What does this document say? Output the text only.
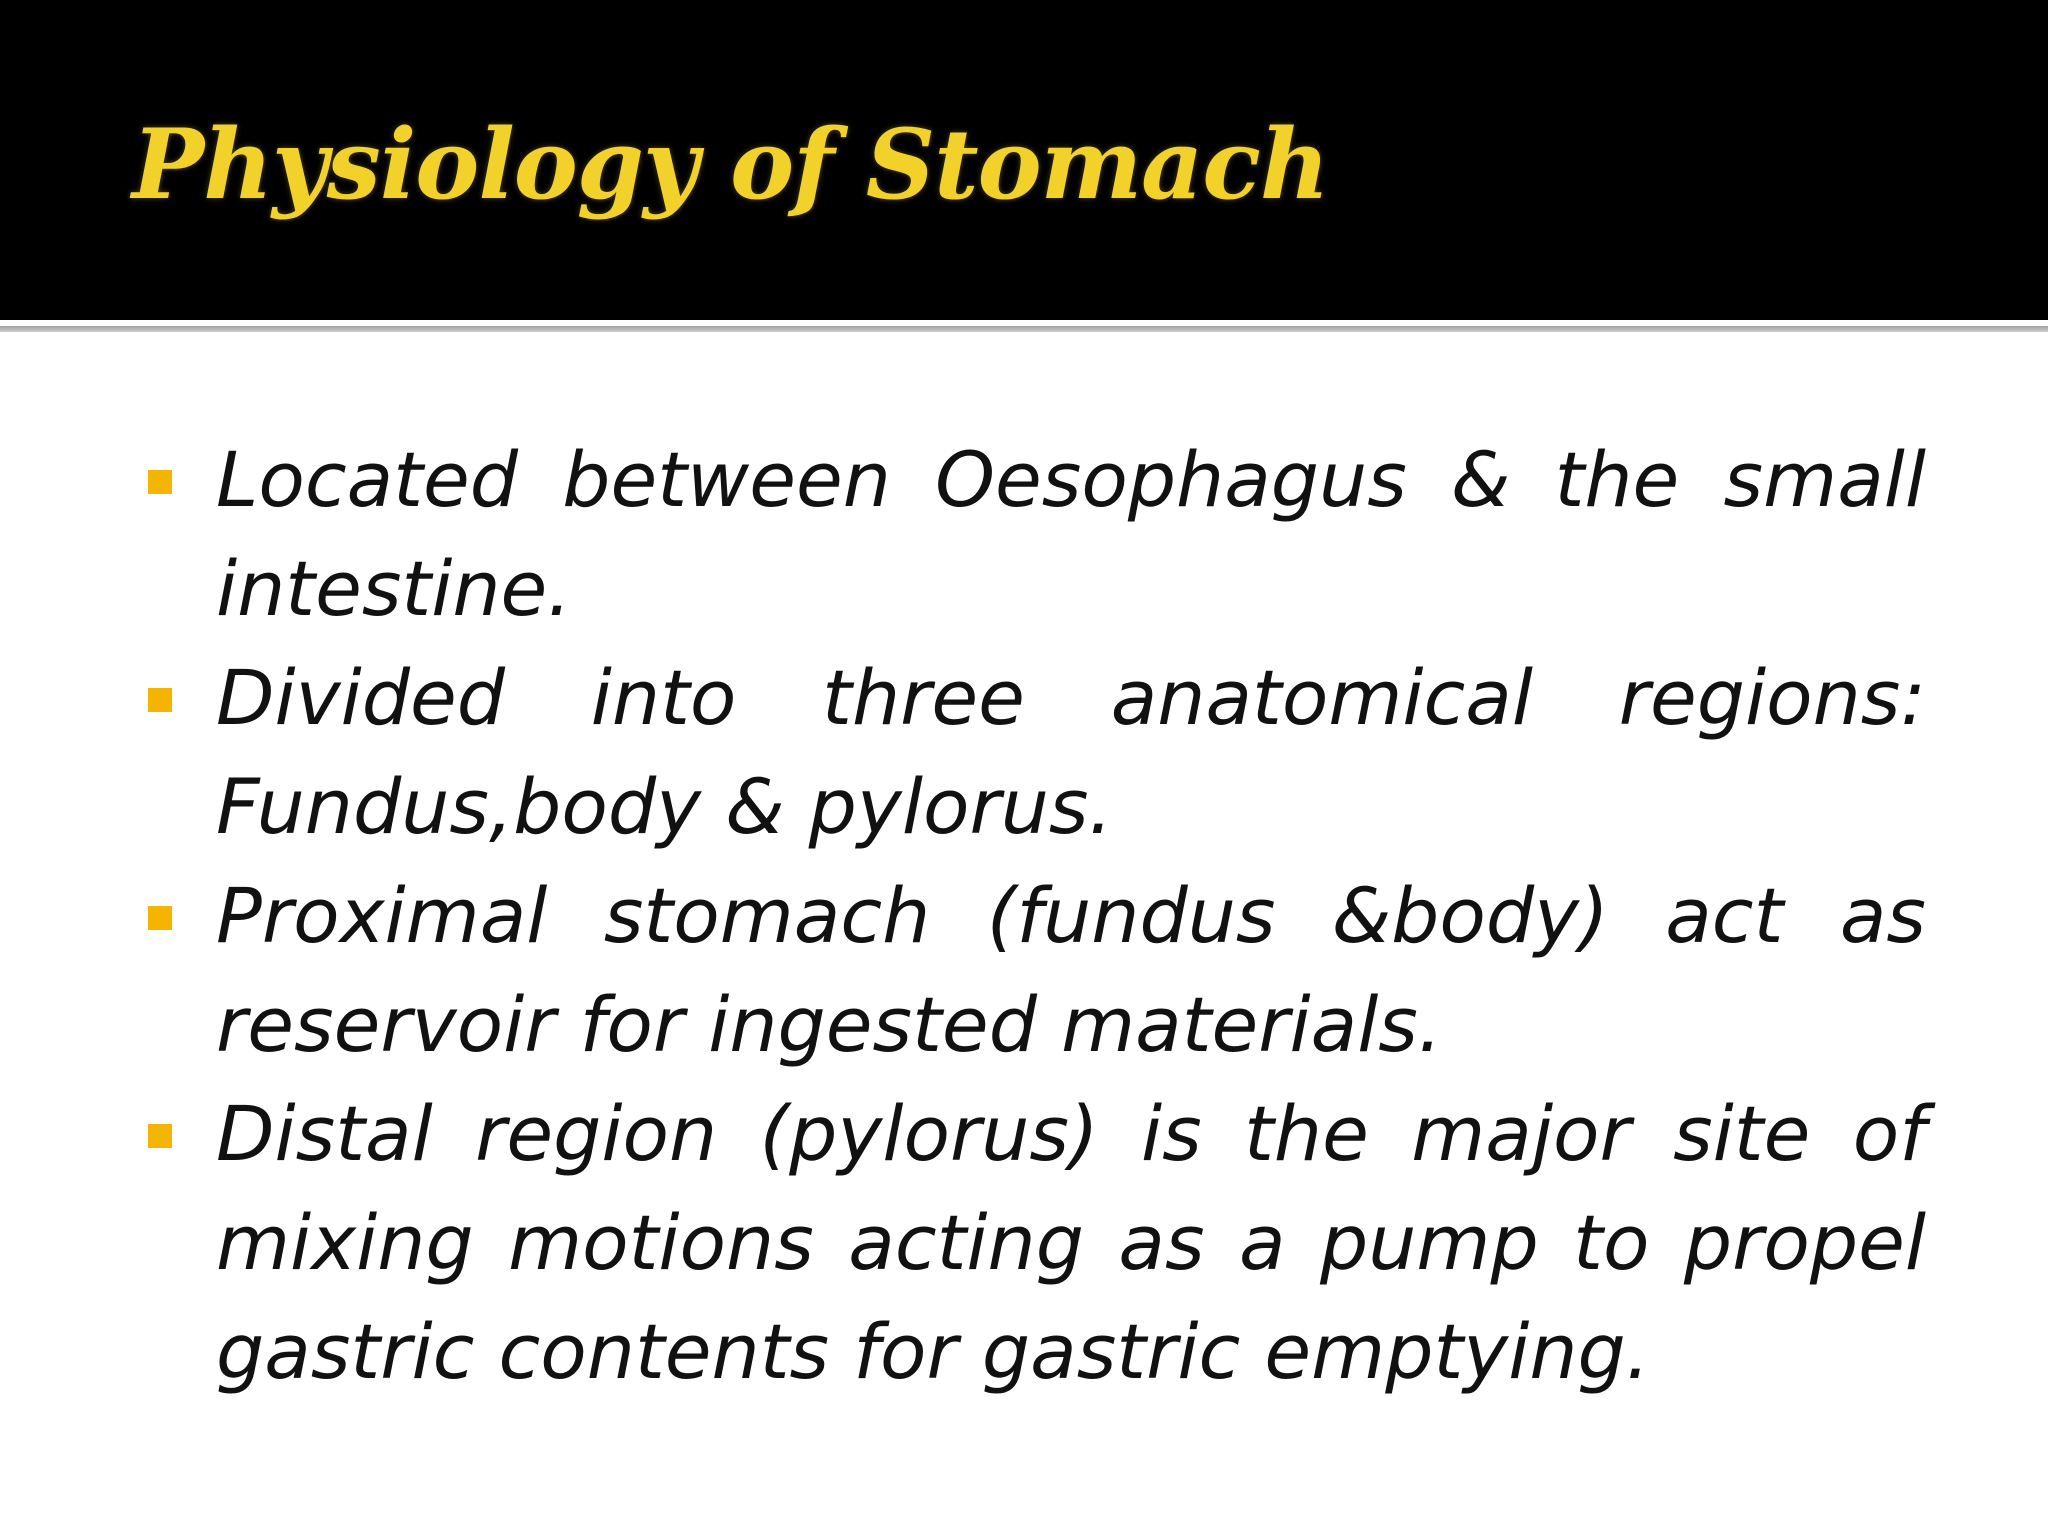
Physiology of Stomach
Located between Oesophagus & the small intestine.
Divided into three anatomical regions: Fundus,body & pylorus.
Proximal stomach (fundus &body) act as reservoir for ingested materials.
Distal region (pylorus) is the major site of mixing motions acting as a pump to propel gastric contents for gastric emptying.
